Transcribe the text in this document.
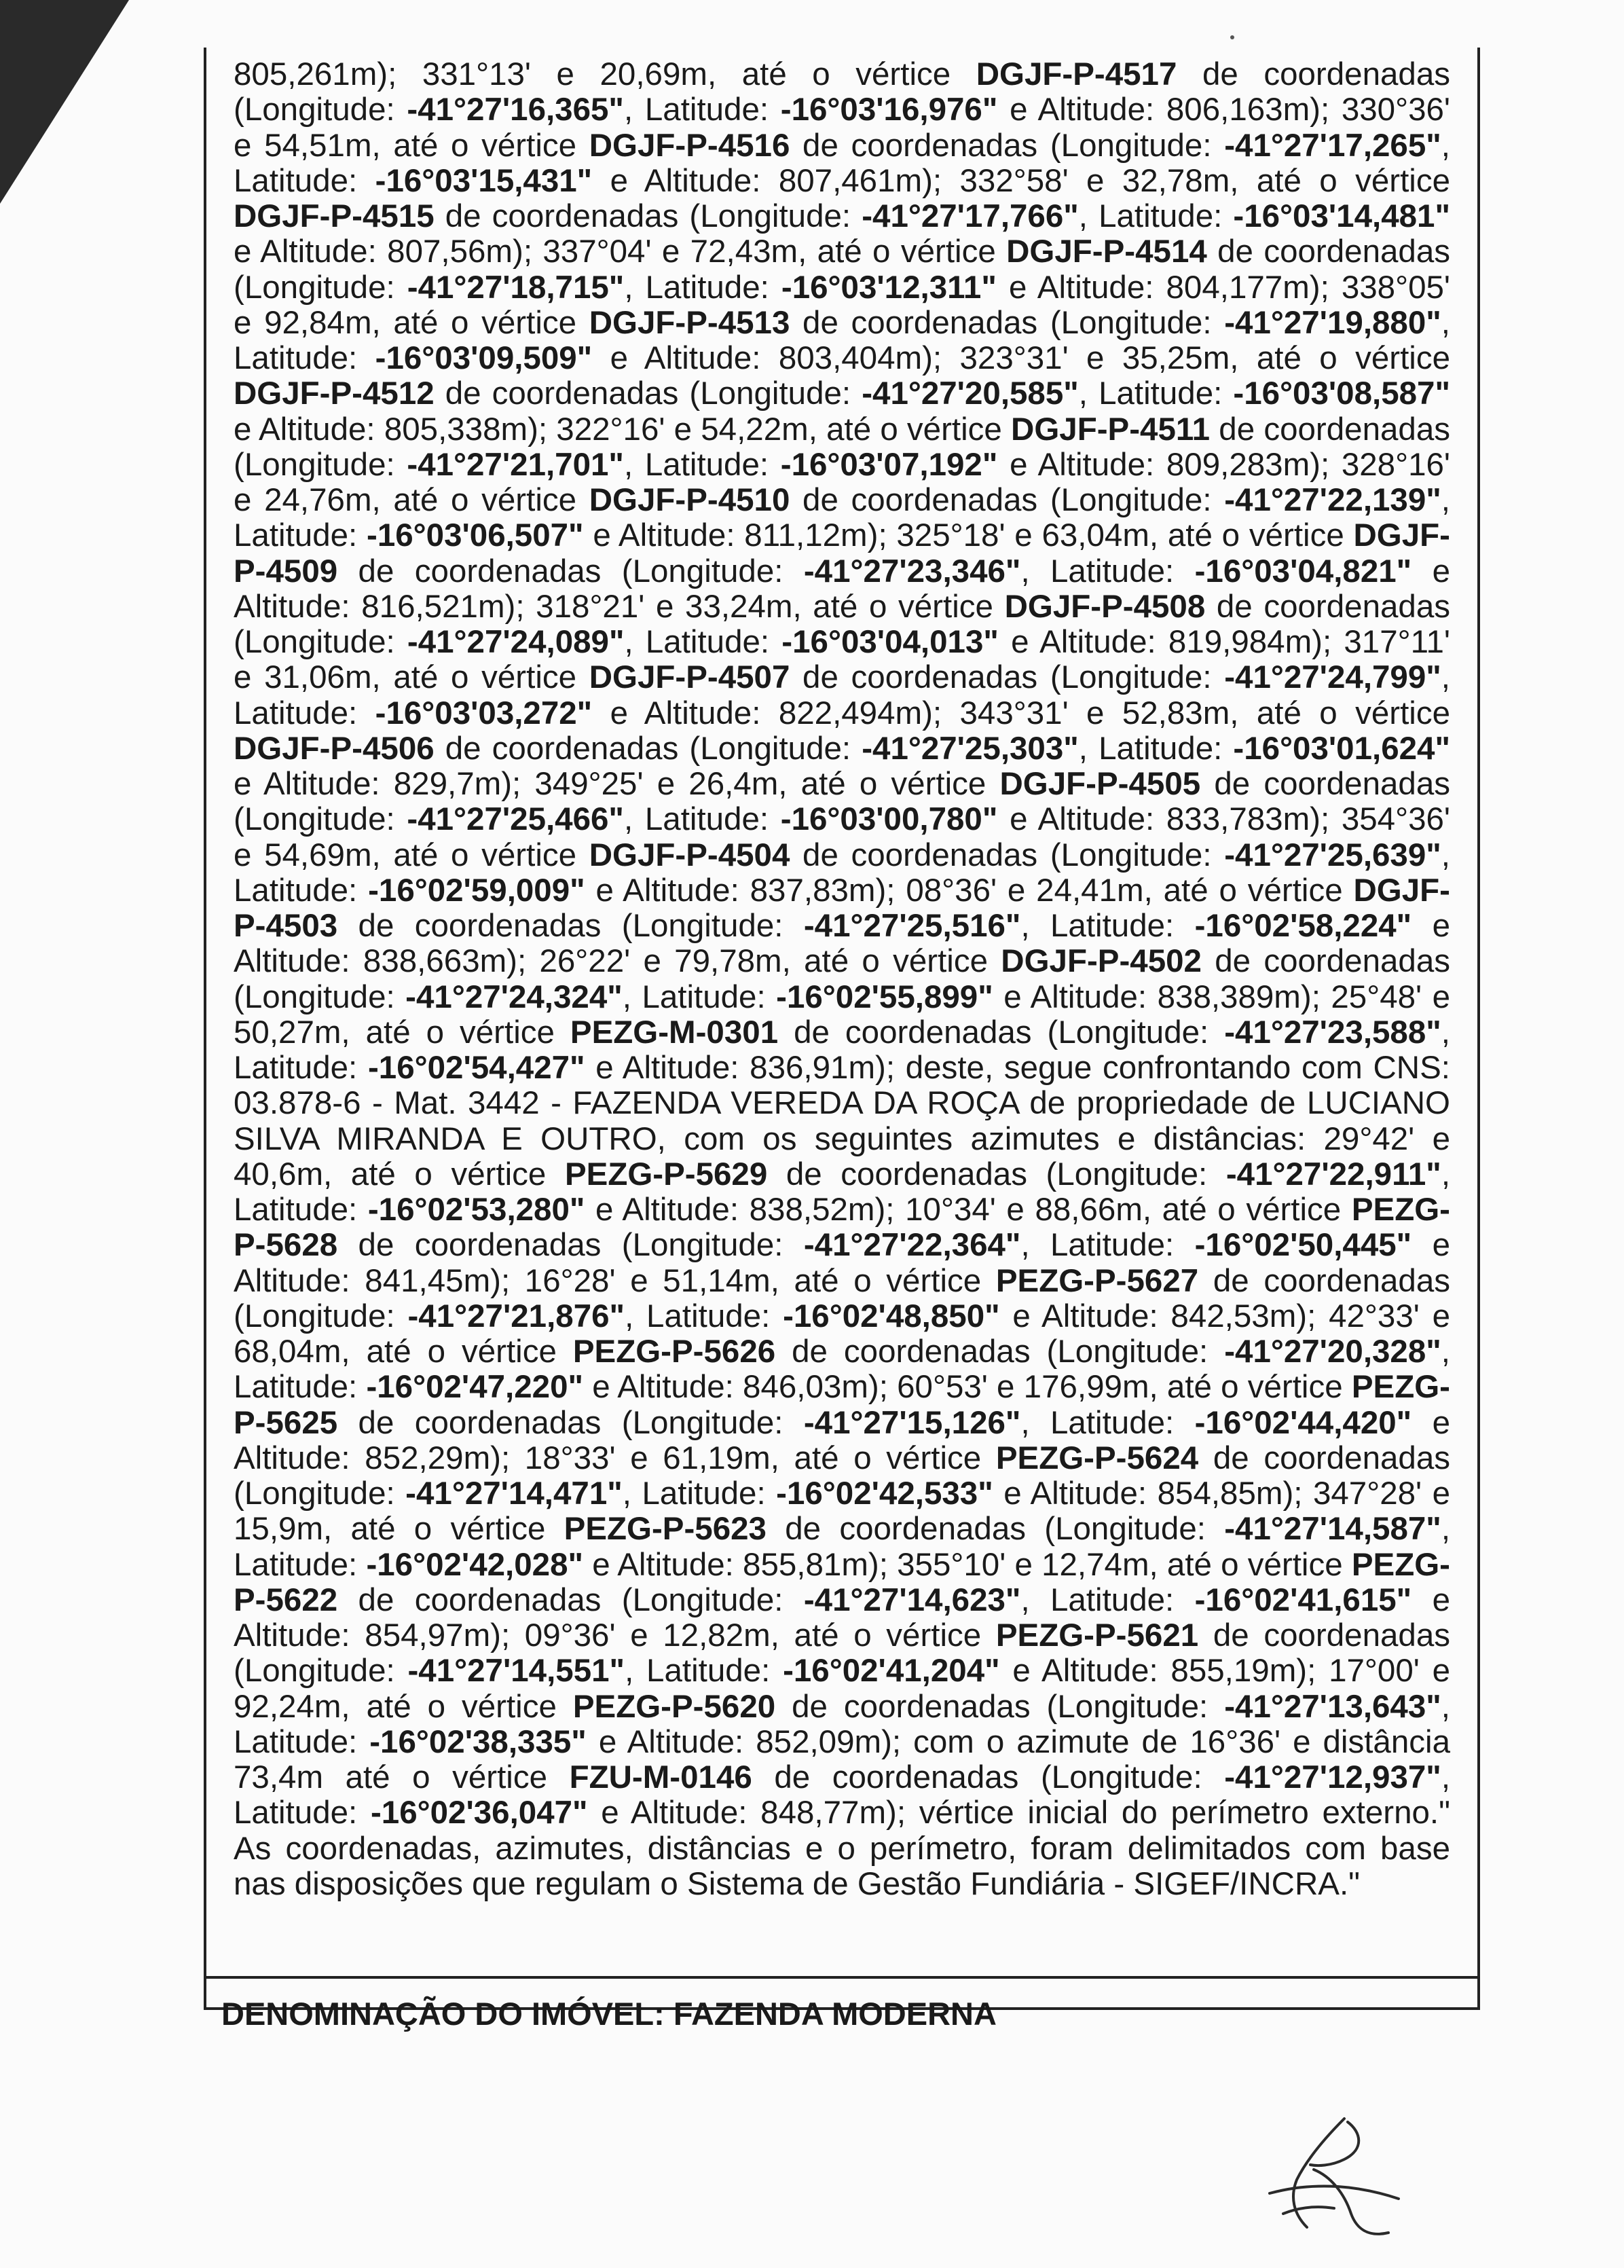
805,261m); 331°13' e 20,69m, até o vértice DGJF-P-4517 de coordenadas (Longitude: -41°27'16,365", Latitude: -16°03'16,976" e Altitude: 806,163m); 330°36' e 54,51m, até o vértice DGJF-P-4516 de coordenadas (Longitude: -41°27'17,265", Latitude: -16°03'15,431" e Altitude: 807,461m); 332°58' e 32,78m, até o vértice DGJF-P-4515 de coordenadas (Longitude: -41°27'17,766", Latitude: -16°03'14,481" e Altitude: 807,56m); 337°04' e 72,43m, até o vértice DGJF-P-4514 de coordenadas (Longitude: -41°27'18,715", Latitude: -16°03'12,311" e Altitude: 804,177m); 338°05' e 92,84m, até o vértice DGJF-P-4513 de coordenadas (Longitude: -41°27'19,880", Latitude: -16°03'09,509" e Altitude: 803,404m); 323°31' e 35,25m, até o vértice DGJF-P-4512 de coordenadas (Longitude: -41°27'20,585", Latitude: -16°03'08,587" e Altitude: 805,338m); 322°16' e 54,22m, até o vértice DGJF-P-4511 de coordenadas (Longitude: -41°27'21,701", Latitude: -16°03'07,192" e Altitude: 809,283m); 328°16' e 24,76m, até o vértice DGJF-P-4510 de coordenadas (Longitude: -41°27'22,139", Latitude: -16°03'06,507" e Altitude: 811,12m); 325°18' e 63,04m, até o vértice DGJF-P-4509 de coordenadas (Longitude: -41°27'23,346", Latitude: -16°03'04,821" e Altitude: 816,521m); 318°21' e 33,24m, até o vértice DGJF-P-4508 de coordenadas (Longitude: -41°27'24,089", Latitude: -16°03'04,013" e Altitude: 819,984m); 317°11' e 31,06m, até o vértice DGJF-P-4507 de coordenadas (Longitude: -41°27'24,799", Latitude: -16°03'03,272" e Altitude: 822,494m); 343°31' e 52,83m, até o vértice DGJF-P-4506 de coordenadas (Longitude: -41°27'25,303", Latitude: -16°03'01,624" e Altitude: 829,7m); 349°25' e 26,4m, até o vértice DGJF-P-4505 de coordenadas (Longitude: -41°27'25,466", Latitude: -16°03'00,780" e Altitude: 833,783m); 354°36' e 54,69m, até o vértice DGJF-P-4504 de coordenadas (Longitude: -41°27'25,639", Latitude: -16°02'59,009" e Altitude: 837,83m); 08°36' e 24,41m, até o vértice DGJF-P-4503 de coordenadas (Longitude: -41°27'25,516", Latitude: -16°02'58,224" e Altitude: 838,663m); 26°22' e 79,78m, até o vértice DGJF-P-4502 de coordenadas (Longitude: -41°27'24,324", Latitude: -16°02'55,899" e Altitude: 838,389m); 25°48' e 50,27m, até o vértice PEZG-M-0301 de coordenadas (Longitude: -41°27'23,588", Latitude: -16°02'54,427" e Altitude: 836,91m); deste, segue confrontando com CNS: 03.878-6 - Mat. 3442 - FAZENDA VEREDA DA ROÇA de propriedade de LUCIANO SILVA MIRANDA E OUTRO, com os seguintes azimutes e distâncias: 29°42' e 40,6m, até o vértice PEZG-P-5629 de coordenadas (Longitude: -41°27'22,911", Latitude: -16°02'53,280" e Altitude: 838,52m); 10°34' e 88,66m, até o vértice PEZG-P-5628 de coordenadas (Longitude: -41°27'22,364", Latitude: -16°02'50,445" e Altitude: 841,45m); 16°28' e 51,14m, até o vértice PEZG-P-5627 de coordenadas (Longitude: -41°27'21,876", Latitude: -16°02'48,850" e Altitude: 842,53m); 42°33' e 68,04m, até o vértice PEZG-P-5626 de coordenadas (Longitude: -41°27'20,328", Latitude: -16°02'47,220" e Altitude: 846,03m); 60°53' e 176,99m, até o vértice PEZG-P-5625 de coordenadas (Longitude: -41°27'15,126", Latitude: -16°02'44,420" e Altitude: 852,29m); 18°33' e 61,19m, até o vértice PEZG-P-5624 de coordenadas (Longitude: -41°27'14,471", Latitude: -16°02'42,533" e Altitude: 854,85m); 347°28' e 15,9m, até o vértice PEZG-P-5623 de coordenadas (Longitude: -41°27'14,587", Latitude: -16°02'42,028" e Altitude: 855,81m); 355°10' e 12,74m, até o vértice PEZG-P-5622 de coordenadas (Longitude: -41°27'14,623", Latitude: -16°02'41,615" e Altitude: 854,97m); 09°36' e 12,82m, até o vértice PEZG-P-5621 de coordenadas (Longitude: -41°27'14,551", Latitude: -16°02'41,204" e Altitude: 855,19m); 17°00' e 92,24m, até o vértice PEZG-P-5620 de coordenadas (Longitude: -41°27'13,643", Latitude: -16°02'38,335" e Altitude: 852,09m); com o azimute de 16°36' e distância 73,4m até o vértice FZU-M-0146 de coordenadas (Longitude: -41°27'12,937", Latitude: -16°02'36,047" e Altitude: 848,77m); vértice inicial do perímetro externo." As coordenadas, azimutes, distâncias e o perímetro, foram delimitados com base nas disposições que regulam o Sistema de Gestão Fundiária - SIGEF/INCRA."

DENOMINAÇÃO DO IMÓVEL: FAZENDA MODERNA
